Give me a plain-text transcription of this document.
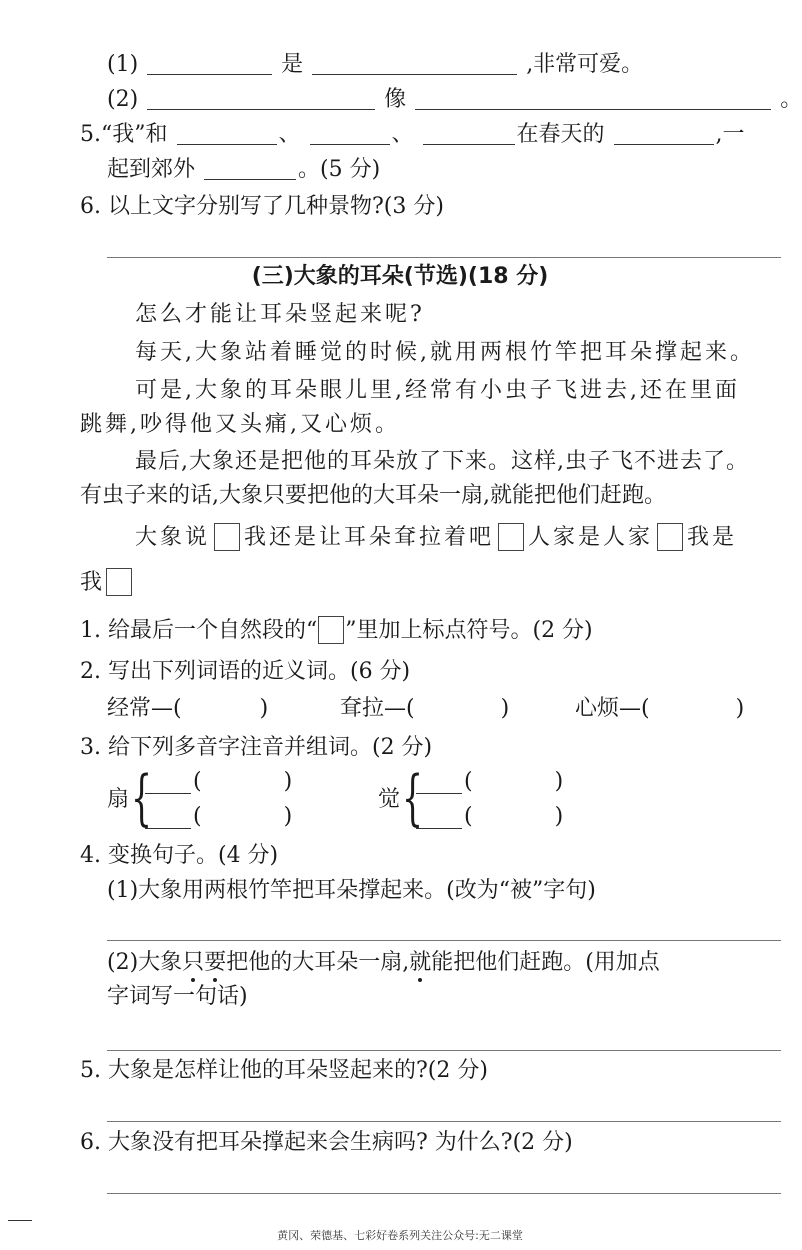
(1)	是	,非常可爱。
(2)	像	。
5.“我”和	、	、	在春天的	,一
起到郊外	。(5 分)
6. 以上文字分别写了几种景物?(3 分)
(三)大象的耳朵(节选)(18 分)
怎么才能让耳朵竖起来呢?
每天,大象站着睡觉的时候,就用两根竹竿把耳朵撑起来。
可是,大象的耳朵眼儿里,经常有小虫子飞进去,还在里面
跳舞,吵得他又头痛,又心烦。
最后,大象还是把他的耳朵放了下来。这样,虫子飞不进去了。
有虫子来的话,大象只要把他的大耳朵一扇,就能把他们赶跑。
大象说 我还是让耳朵耷拉着吧 人家是人家 我是
我
1. 给最后一个自然段的“ ”里加上标点符号。(2 分)
2. 写出下列词语的近义词。(6 分)
经常—(	)	耷拉—(	)	心烦—(	)
3. 给下列多音字注音并组词。(2 分)
扇 { (	)
(	)
觉 { (	)
(	)
4. 变换句子。(4 分)
(1)大象用两根竹竿把耳朵撑起来。(改为“被”字句)
(2)大象只要把他的大耳朵一扇,就能把他们赶跑。(用加点
字词写一句话)
5. 大象是怎样让他的耳朵竖起来的?(2 分)
6. 大象没有把耳朵撑起来会生病吗? 为什么?(2 分)
黄冈、荣德基、七彩好卷系列关注公众号:无二课堂
